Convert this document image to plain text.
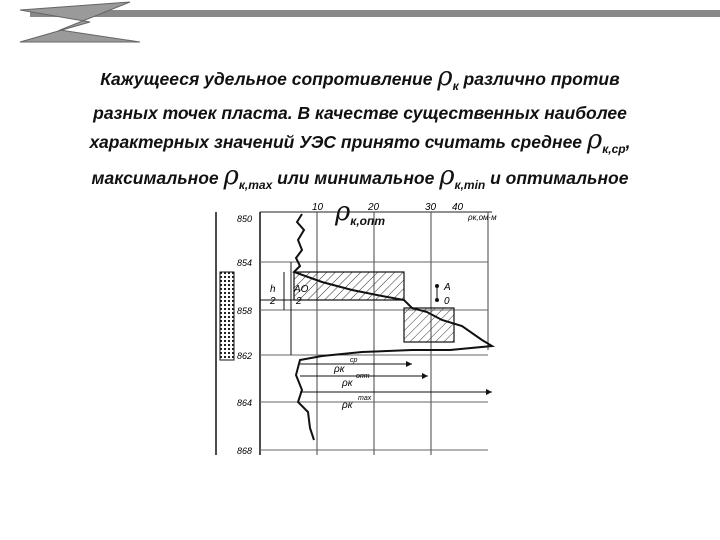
Кажущееся удельное сопротивление $\rho_к$ различно против
разных точек пласта. В качестве существенных наиболее
характерных значений УЭС принято считать среднее $\rho_{к,ср}$,
максимальное $\rho_{к,max}$ или минимальное $\rho_{к,min}$ и оптимальное
$\rho_{к,опт}$
10	20	30 40
ρк,ом·м
850
854
858
862
864
868
A
0
h
2
AO
2
ρк
ср
ρк
опт
ρк
max
